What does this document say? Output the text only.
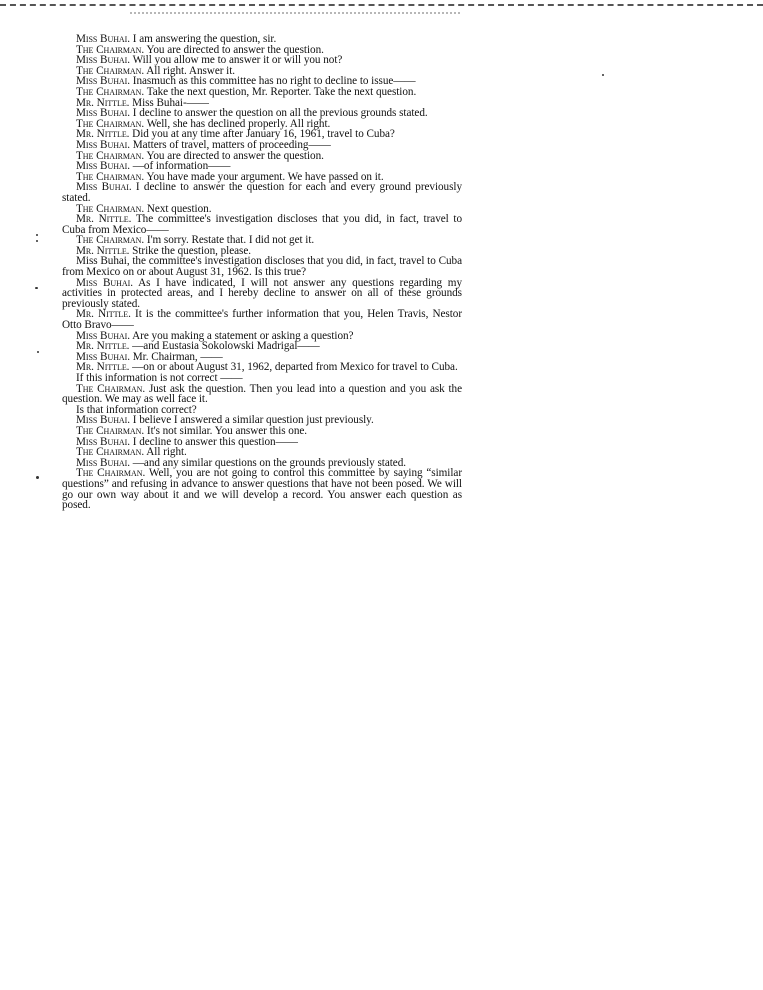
Miss Buhai. I am answering the question, sir.

The Chairman. You are directed to answer the question.

Miss Buhai. Will you allow me to answer it or will you not?

The Chairman. All right. Answer it.

Miss Buhai. Inasmuch as this committee has no right to decline to issue——

The Chairman. Take the next question, Mr. Reporter. Take the next question.

Mr. Nittle. Miss Buhai-——

Miss Buhai. I decline to answer the question on all the previous grounds stated.

The Chairman. Well, she has declined properly. All right.

Mr. Nittle. Did you at any time after January 16, 1961, travel to Cuba?

Miss Buhai. Matters of travel, matters of proceeding——

The Chairman. You are directed to answer the question.

Miss Buhai. —of information——

The Chairman. You have made your argument. We have passed on it.

Miss Buhai. I decline to answer the question for each and every ground previously stated.

The Chairman. Next question.

Mr. Nittle. The committee's investigation discloses that you did, in fact, travel to Cuba from Mexico——

The Chairman. I'm sorry. Restate that. I did not get it.

Mr. Nittle. Strike the question, please.

Miss Buhai, the committee's investigation discloses that you did, in fact, travel to Cuba from Mexico on or about August 31, 1962. Is this true?

Miss Buhai. As I have indicated, I will not answer any questions regarding my activities in protected areas, and I hereby decline to answer on all of these grounds previously stated.

Mr. Nittle. It is the committee's further information that you, Helen Travis, Nestor Otto Bravo——

Miss Buhai. Are you making a statement or asking a question?

Mr. Nittle. —and Eustasia Sokolowski Madrigal——

Miss Buhai. Mr. Chairman, ——

Mr. Nittle. —on or about August 31, 1962, departed from Mexico for travel to Cuba.

If this information is not correct ——

The Chairman. Just ask the question. Then you lead into a question and you ask the question. We may as well face it.

Is that information correct?

Miss Buhai. I believe I answered a similar question just previously.

The Chairman. It's not similar. You answer this one.

Miss Buhai. I decline to answer this question——

The Chairman. All right.

Miss Buhai. —and any similar questions on the grounds previously stated.

The Chairman. Well, you are not going to control this committee by saying “similar questions” and refusing in advance to answer questions that have not been posed. We will go our own way about it and we will develop a record. You answer each question as posed.
